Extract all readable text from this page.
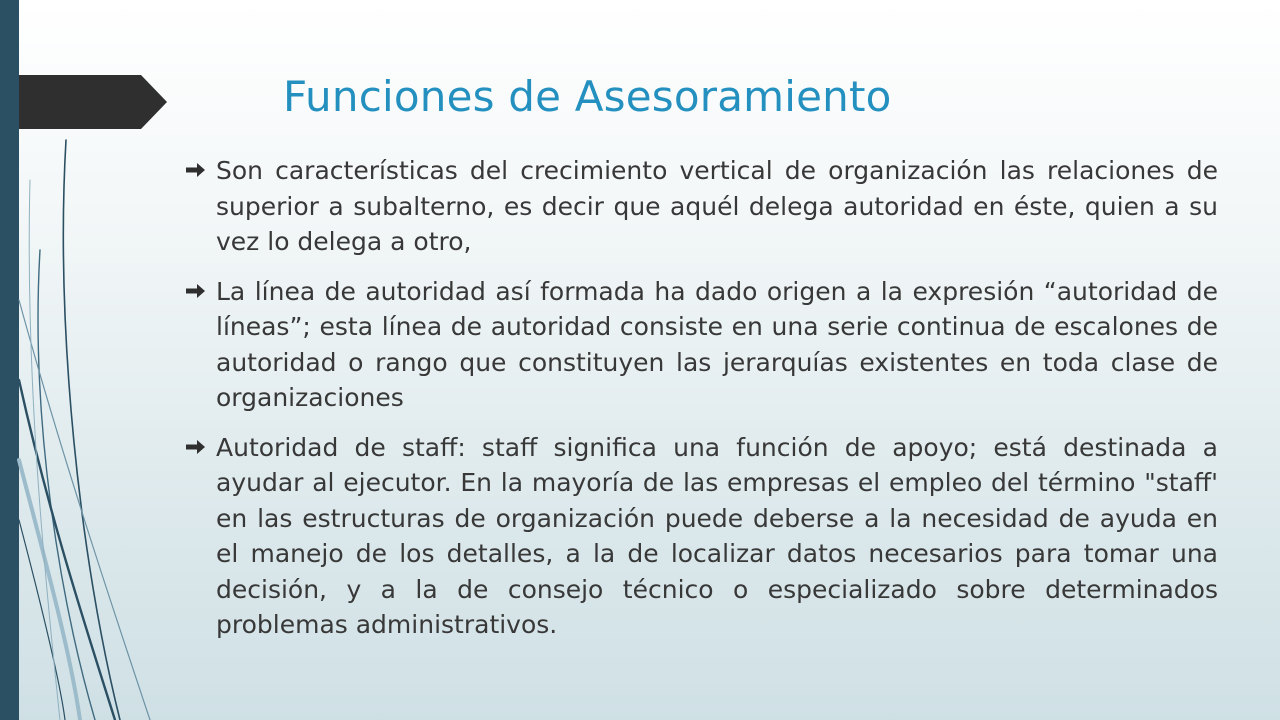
Funciones de Asesoramiento
Son características del crecimiento vertical de organización las relaciones de superior a subalterno, es decir que aquél delega autoridad en éste, quien a su vez lo delega a otro,
La línea de autoridad así formada ha dado origen a la expresión “autoridad de líneas”; esta línea de autoridad consiste en una serie continua de escalones de autoridad o rango que constituyen las jerarquías existentes en toda clase de organizaciones
Autoridad de staff: staff significa una función de apoyo; está destinada a ayudar al ejecutor. En la mayoría de las empresas el empleo del término "staff' en las estructuras de organización puede deberse a la necesidad de ayuda en el manejo de los detalles, a la de localizar datos necesarios para tomar una decisión, y a la de consejo técnico o especializado sobre determinados problemas administrativos.
